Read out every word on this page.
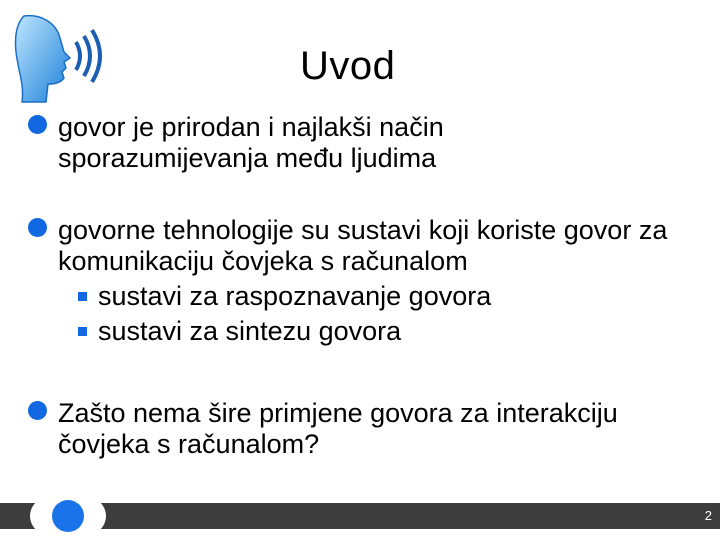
Uvod
govor je prirodan i najlakši način sporazumijevanja među ljudima
govorne tehnologije su sustavi koji koriste govor za komunikaciju čovjeka s računalom
sustavi za raspoznavanje govora
sustavi za sintezu govora
Zašto nema šire primjene govora za interakciju čovjeka s računalom?
2
